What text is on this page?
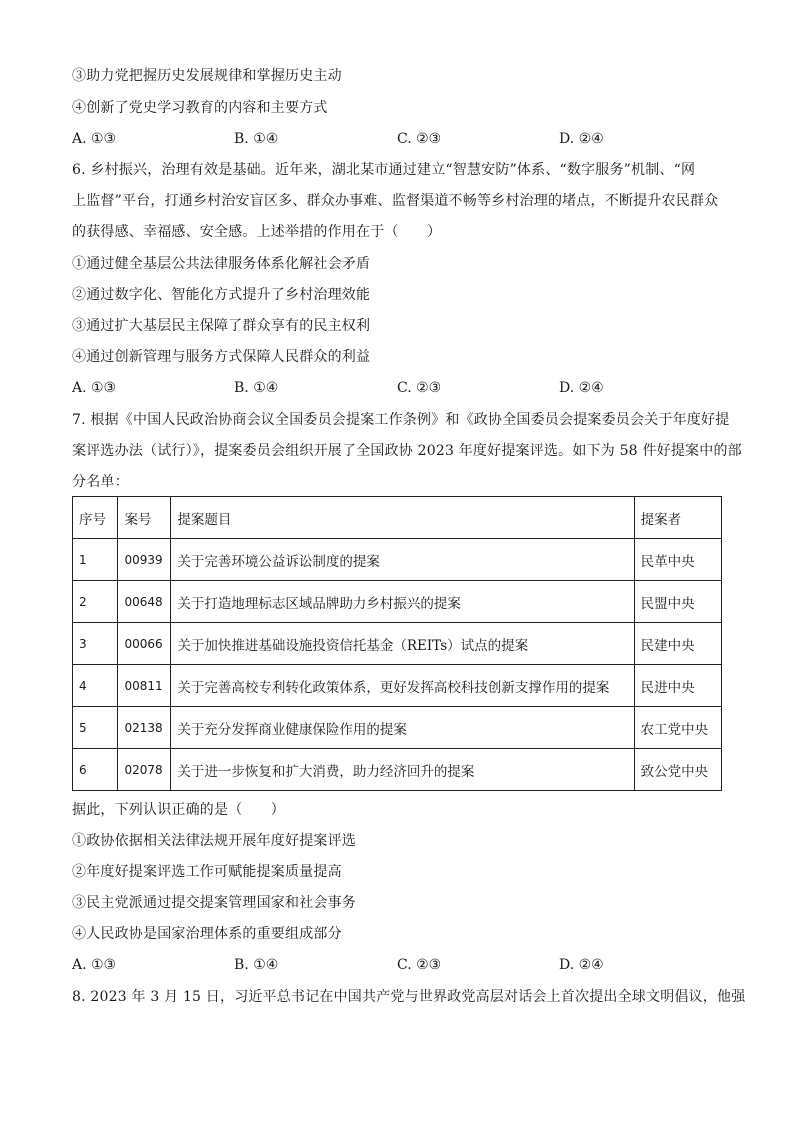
③助力党把握历史发展规律和掌握历史主动
④创新了党史学习教育的内容和主要方式
A. ①③	B. ①④	C. ②③	D. ②④
6. 乡村振兴，治理有效是基础。近年来，湖北某市通过建立“智慧安防”体系、“数字服务”机制、“网
上监督”平台，打通乡村治安盲区多、群众办事难、监督渠道不畅等乡村治理的堵点，不断提升农民群众
的获得感、幸福感、安全感。上述举措的作用在于（　　）
①通过健全基层公共法律服务体系化解社会矛盾
②通过数字化、智能化方式提升了乡村治理效能
③通过扩大基层民主保障了群众享有的民主权利
④通过创新管理与服务方式保障人民群众的利益
A. ①③	B. ①④	C. ②③	D. ②④
7. 根据《中国人民政治协商会议全国委员会提案工作条例》和《政协全国委员会提案委员会关于年度好提
案评选办法（试行）》，提案委员会组织开展了全国政协 2023 年度好提案评选。如下为 58 件好提案中的部
分名单：
序号	案号	提案题目	提案者
1	00939	关于完善环境公益诉讼制度的提案	民革中央
2	00648	关于打造地理标志区域品牌助力乡村振兴的提案	民盟中央
3	00066	关于加快推进基础设施投资信托基金（REITs）试点的提案	民建中央
4	00811	关于完善高校专利转化政策体系，更好发挥高校科技创新支撑作用的提案	民进中央
5	02138	关于充分发挥商业健康保险作用的提案	农工党中央
6	02078	关于进一步恢复和扩大消费，助力经济回升的提案	致公党中央
据此，下列认识正确的是（　　）
①政协依据相关法律法规开展年度好提案评选
②年度好提案评选工作可赋能提案质量提高
③民主党派通过提交提案管理国家和社会事务
④人民政协是国家治理体系的重要组成部分
A. ①③	B. ①④	C. ②③	D. ②④
8. 2023 年 3 月 15 日，习近平总书记在中国共产党与世界政党高层对话会上首次提出全球文明倡议，他强
